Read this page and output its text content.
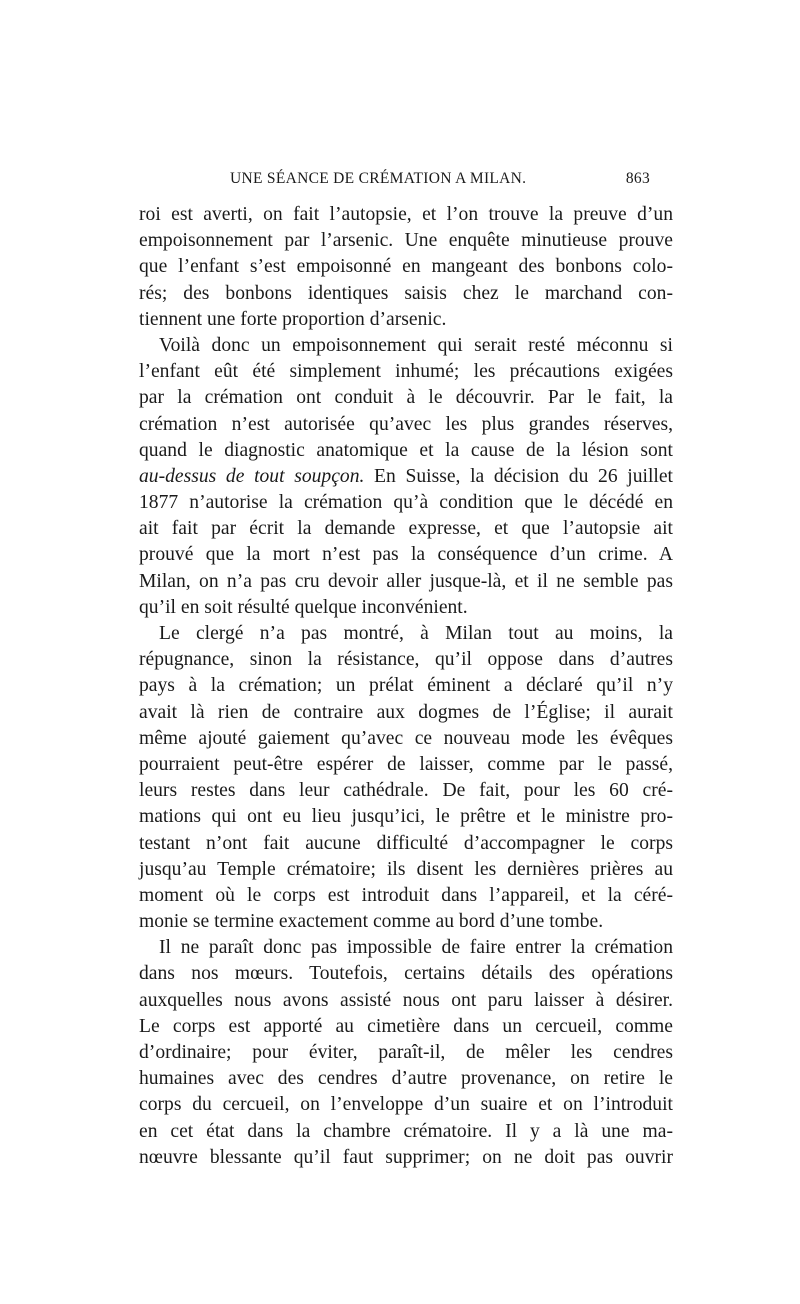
UNE SÉANCE DE CRÉMATION A MILAN.	863
roi est averti, on fait l’autopsie, et l’on trouve la preuve d’un
empoisonnement par l’arsenic. Une enquête minutieuse prouve
que l’enfant s’est empoisonné en mangeant des bonbons colo-
rés; des bonbons identiques saisis chez le marchand con-
tiennent une forte proportion d’arsenic.
Voilà donc un empoisonnement qui serait resté méconnu si
l’enfant eût été simplement inhumé; les précautions exigées
par la crémation ont conduit à le découvrir. Par le fait, la
crémation n’est autorisée qu’avec les plus grandes réserves,
quand le diagnostic anatomique et la cause de la lésion sont
au-dessus de tout soupçon. En Suisse, la décision du 26 juillet
1877 n’autorise la crémation qu’à condition que le décédé en
ait fait par écrit la demande expresse, et que l’autopsie ait
prouvé que la mort n’est pas la conséquence d’un crime. A
Milan, on n’a pas cru devoir aller jusque-là, et il ne semble pas
qu’il en soit résulté quelque inconvénient.
Le clergé n’a pas montré, à Milan tout au moins, la
répugnance, sinon la résistance, qu’il oppose dans d’autres
pays à la crémation; un prélat éminent a déclaré qu’il n’y
avait là rien de contraire aux dogmes de l’Église; il aurait
même ajouté gaiement qu’avec ce nouveau mode les évêques
pourraient peut-être espérer de laisser, comme par le passé,
leurs restes dans leur cathédrale. De fait, pour les 60 cré-
mations qui ont eu lieu jusqu’ici, le prêtre et le ministre pro-
testant n’ont fait aucune difficulté d’accompagner le corps
jusqu’au Temple crématoire; ils disent les dernières prières au
moment où le corps est introduit dans l’appareil, et la céré-
monie se termine exactement comme au bord d’une tombe.
Il ne paraît donc pas impossible de faire entrer la crémation
dans nos mœurs. Toutefois, certains détails des opérations
auxquelles nous avons assisté nous ont paru laisser à désirer.
Le corps est apporté au cimetière dans un cercueil, comme
d’ordinaire; pour éviter, paraît-il, de mêler les cendres
humaines avec des cendres d’autre provenance, on retire le
corps du cercueil, on l’enveloppe d’un suaire et on l’introduit
en cet état dans la chambre crématoire. Il y a là une ma-
nœuvre blessante qu’il faut supprimer; on ne doit pas ouvrir
